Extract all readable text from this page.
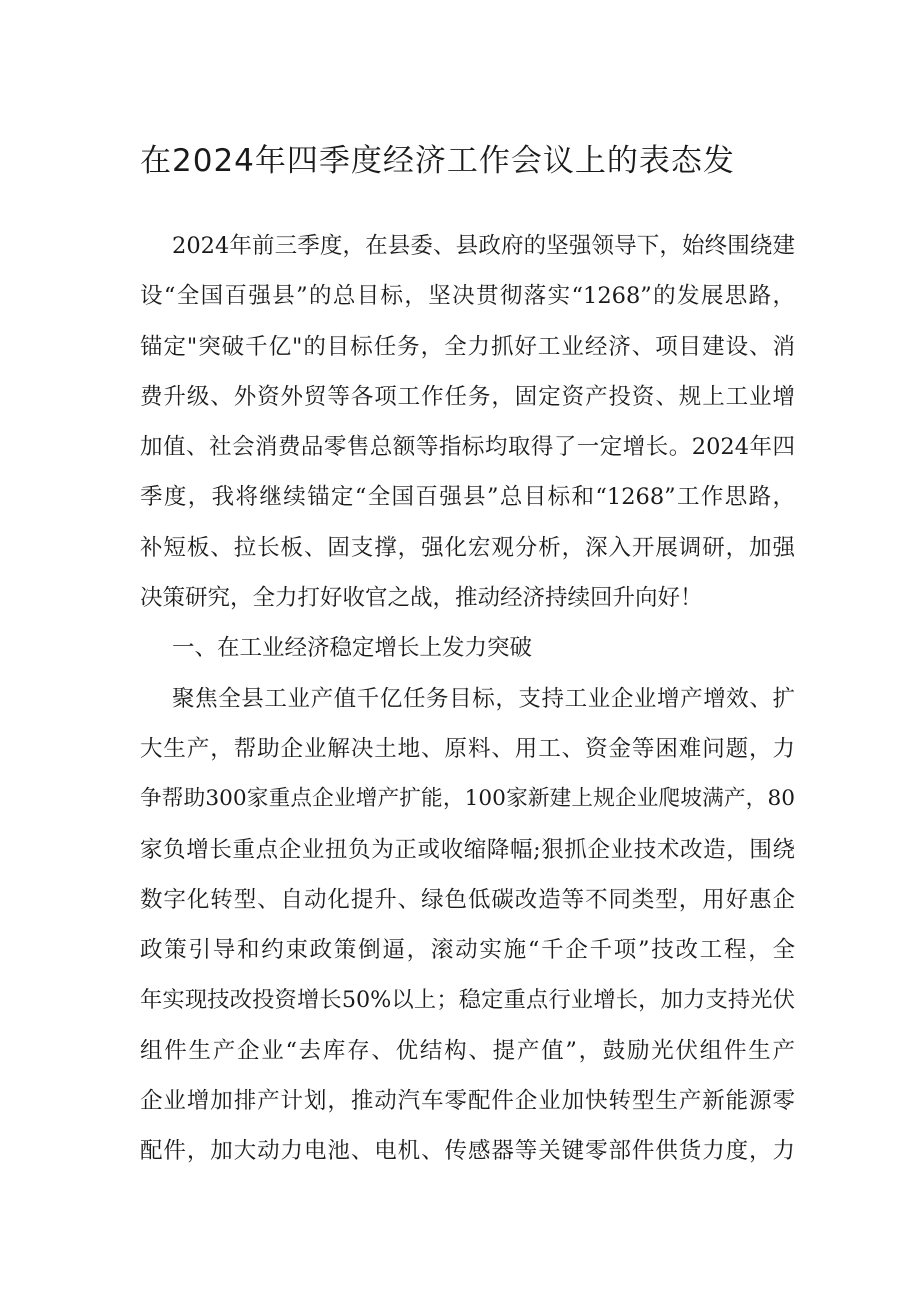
在2024年四季度经济工作会议上的表态发
2024年前三季度，在县委、县政府的坚强领导下，始终围绕建
设“全国百强县”的总目标，坚决贯彻落实“1268”的发展思路，
锚定"突破千亿"的目标任务，全力抓好工业经济、项目建设、消
费升级、外资外贸等各项工作任务，固定资产投资、规上工业增
加值、社会消费品零售总额等指标均取得了一定增长。2024年四
季度，我将继续锚定“全国百强县”总目标和“1268”工作思路，
补短板、拉长板、固支撑，强化宏观分析，深入开展调研，加强
决策研究，全力打好收官之战，推动经济持续回升向好！
一、在工业经济稳定增长上发力突破
聚焦全县工业产值千亿任务目标，支持工业企业增产增效、扩
大生产，帮助企业解决土地、原料、用工、资金等困难问题，力
争帮助300家重点企业增产扩能，100家新建上规企业爬坡满产，80
家负增长重点企业扭负为正或收缩降幅;狠抓企业技术改造，围绕
数字化转型、自动化提升、绿色低碳改造等不同类型，用好惠企
政策引导和约束政策倒逼，滚动实施“千企千项”技改工程，全
年实现技改投资增长50%以上；稳定重点行业增长，加力支持光伏
组件生产企业“去库存、优结构、提产值”，鼓励光伏组件生产
企业增加排产计划，推动汽车零配件企业加快转型生产新能源零
配件，加大动力电池、电机、传感器等关键零部件供货力度，力
